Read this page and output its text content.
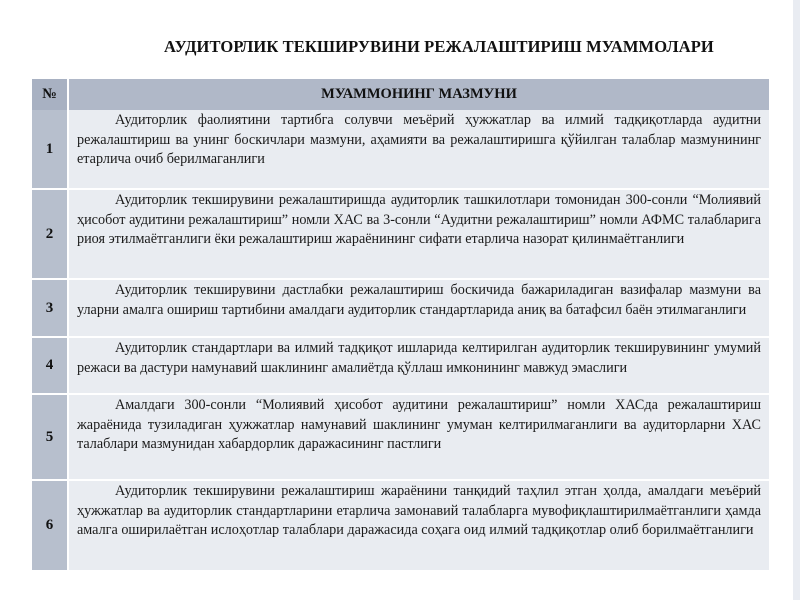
АУДИТОРЛИК ТЕКШИРУВИНИ РЕЖАЛАШТИРИШ МУАММОЛАРИ
№	МУАММОНИНГ МАЗМУНИ
1	Аудиторлик фаолиятини тартибга солувчи меъёрий ҳужжатлар ва илмий тадқиқотларда аудитни режалаштириш ва унинг боскичлари мазмуни, аҳамияти ва режалаштиришга қўйилган талаблар мазмунининг етарлича очиб берилмаганлиги

2	Аудиторлик текширувини режалаштиришда аудиторлик ташкилотлари томонидан 300-сонли “Молиявий ҳисобот аудитини режалаштириш” номли ХАС ва 3-сонли “Аудитни режалаштириш” номли АФМС талабларига риоя этилмаётганлиги ёки режалаштириш жараёнининг сифати етарлича назорат қилинмаётганлиги

3	Аудиторлик текширувини дастлабки режалаштириш боскичида бажариладиган вазифалар мазмуни ва уларни амалга ошириш тартибини амалдаги аудиторлик стандартларида аниқ ва батафсил баён этилмаганлиги

4	Аудиторлик стандартлари ва илмий тадқиқот ишларида келтирилган аудиторлик текширувининг умумий режаси ва дастури намунавий шаклининг амалиётда қўллаш имконининг мавжуд эмаслиги

5	Амалдаги 300-сонли “Молиявий ҳисобот аудитини режалаштириш” номли ХАСда режалаштириш жараёнида тузиладиган ҳужжатлар намунавий шаклининг умуман келтирилмаганлиги ва аудиторларни ХАС талаблари мазмунидан хабардорлик даражасининг пастлиги

6	Аудиторлик текширувини режалаштириш жараёнини танқидий таҳлил этган ҳолда, амалдаги меъёрий ҳужжатлар ва аудиторлик стандартларини етарлича замонавий талабларга мувофиқлаштирилмаётганлиги ҳамда амалга оширилаётган ислоҳотлар талаблари даражасида соҳага оид илмий тадқиқотлар олиб борилмаётганлиги
